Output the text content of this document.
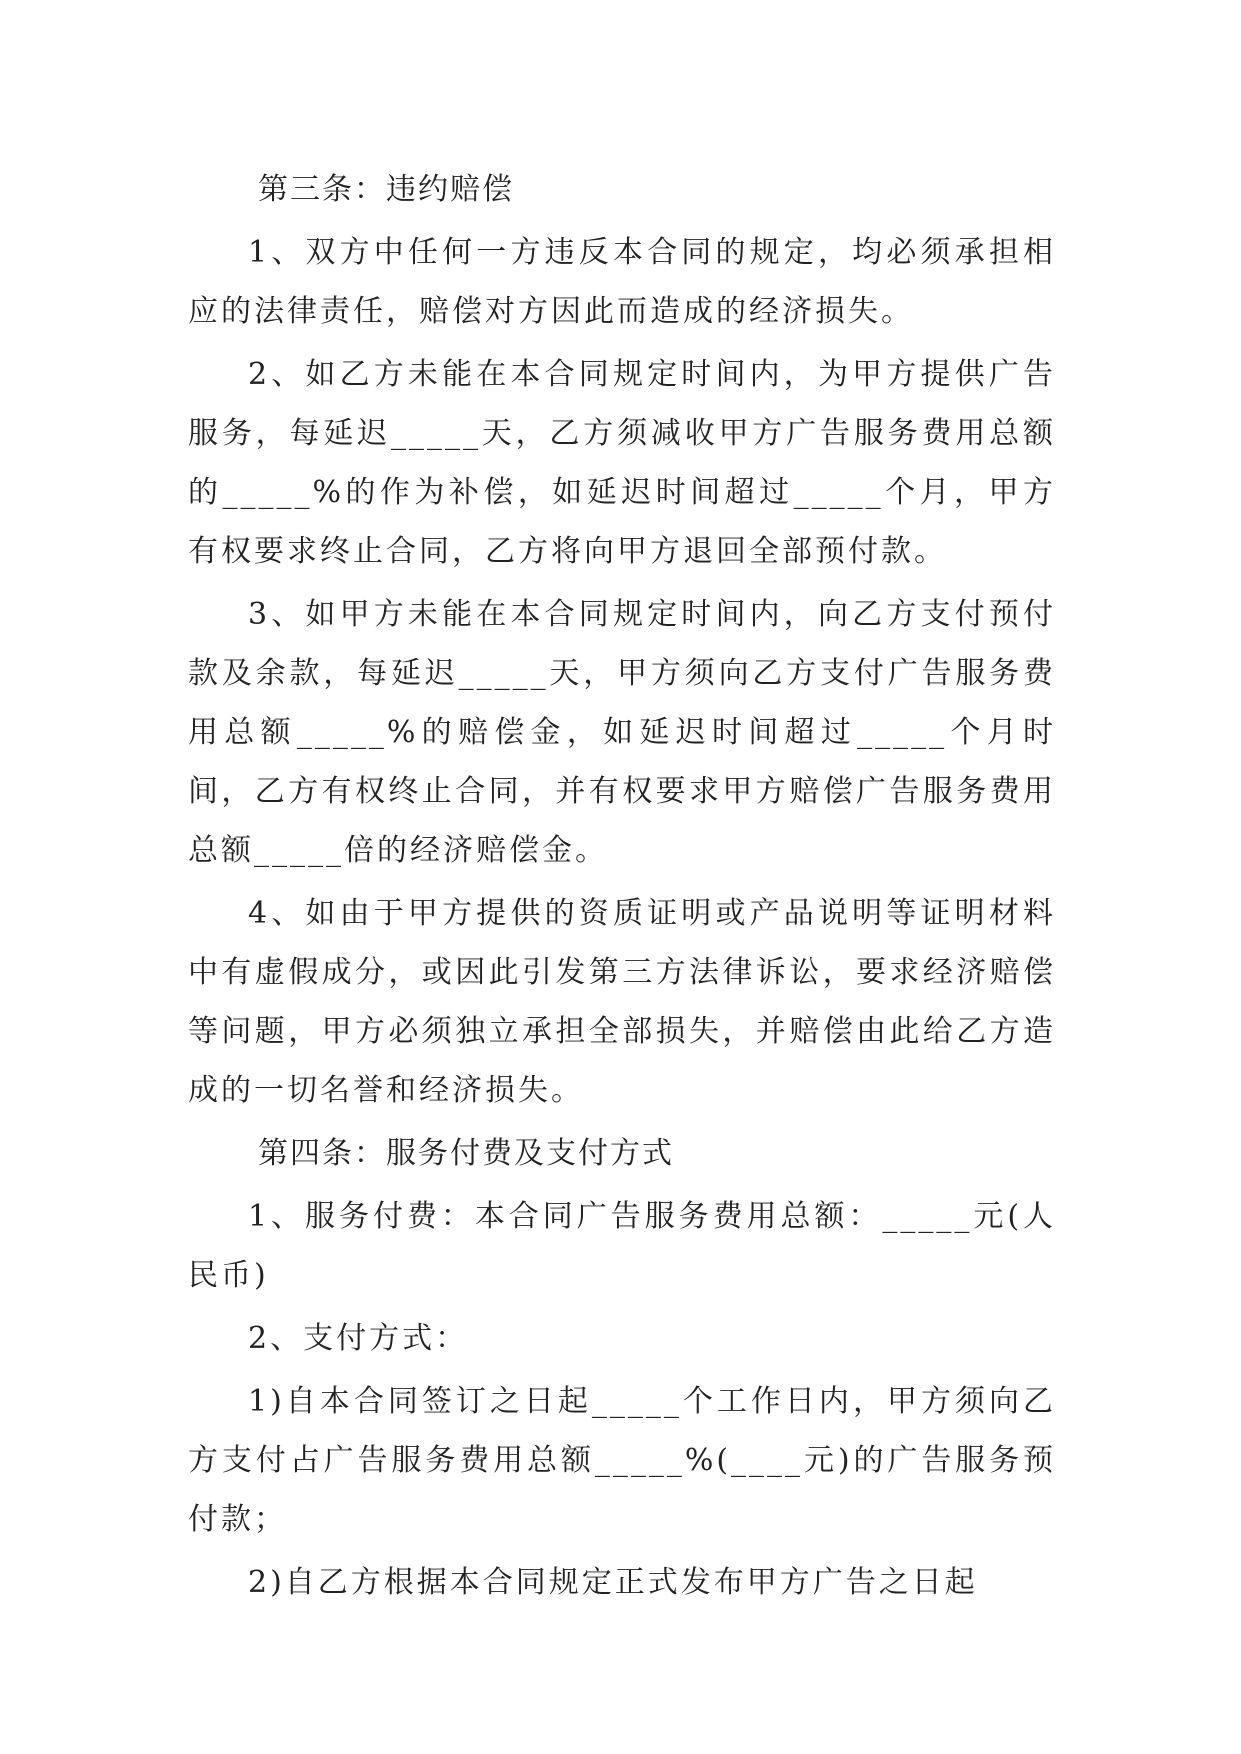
第三条：违约赔偿

1、双方中任何一方违反本合同的规定，均必须承担相应的法律责任，赔偿对方因此而造成的经济损失。

2、如乙方未能在本合同规定时间内，为甲方提供广告服务，每延迟_____天，乙方须减收甲方广告服务费用总额的_____%的作为补偿，如延迟时间超过_____个月，甲方有权要求终止合同，乙方将向甲方退回全部预付款。

3、如甲方未能在本合同规定时间内，向乙方支付预付款及余款，每延迟_____天，甲方须向乙方支付广告服务费用总额_____%的赔偿金，如延迟时间超过_____个月时间，乙方有权终止合同，并有权要求甲方赔偿广告服务费用总额_____倍的经济赔偿金。

4、如由于甲方提供的资质证明或产品说明等证明材料中有虚假成分，或因此引发第三方法律诉讼，要求经济赔偿等问题，甲方必须独立承担全部损失，并赔偿由此给乙方造成的一切名誉和经济损失。

第四条：服务付费及支付方式

1、服务付费：本合同广告服务费用总额：_____元(人民币)

2、支付方式：

1)自本合同签订之日起_____个工作日内，甲方须向乙方支付占广告服务费用总额_____%(____元)的广告服务预付款；

2)自乙方根据本合同规定正式发布甲方广告之日起
